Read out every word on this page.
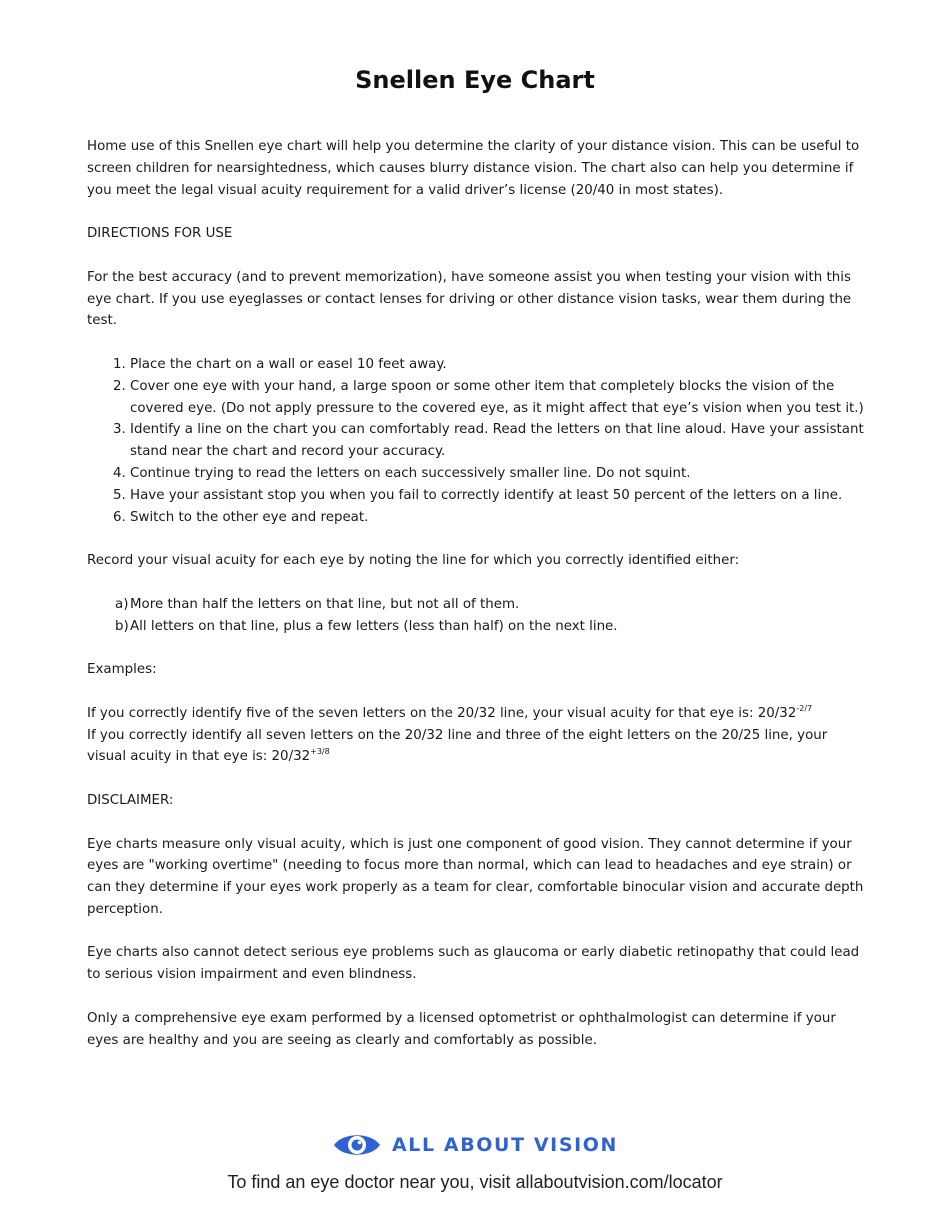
Snellen Eye Chart

Home use of this Snellen eye chart will help you determine the clarity of your distance vision. This can be useful to screen children for nearsightedness, which causes blurry distance vision. The chart also can help you determine if you meet the legal visual acuity requirement for a valid driver’s license (20/40 in most states).

DIRECTIONS FOR USE

For the best accuracy (and to prevent memorization), have someone assist you when testing your vision with this eye chart. If you use eyeglasses or contact lenses for driving or other distance vision tasks, wear them during the test.

1. Place the chart on a wall or easel 10 feet away.
2. Cover one eye with your hand, a large spoon or some other item that completely blocks the vision of the covered eye. (Do not apply pressure to the covered eye, as it might affect that eye’s vision when you test it.)
3. Identify a line on the chart you can comfortably read. Read the letters on that line aloud. Have your assistant stand near the chart and record your accuracy.
4. Continue trying to read the letters on each successively smaller line. Do not squint.
5. Have your assistant stop you when you fail to correctly identify at least 50 percent of the letters on a line.
6. Switch to the other eye and repeat.

Record your visual acuity for each eye by noting the line for which you correctly identified either:

a) More than half the letters on that line, but not all of them.
b) All letters on that line, plus a few letters (less than half) on the next line.

Examples:

If you correctly identify five of the seven letters on the 20/32 line, your visual acuity for that eye is: $20/32^{-2/7}$

If you correctly identify all seven letters on the 20/32 line and three of the eight letters on the 20/25 line, your visual acuity in that eye is: $20/32^{+3/8}$

DISCLAIMER:

Eye charts measure only visual acuity, which is just one component of good vision. They cannot determine if your eyes are "working overtime" (needing to focus more than normal, which can lead to headaches and eye strain) or can they determine if your eyes work properly as a team for clear, comfortable binocular vision and accurate depth perception.

Eye charts also cannot detect serious eye problems such as glaucoma or early diabetic retinopathy that could lead to serious vision impairment and even blindness.

Only a comprehensive eye exam performed by a licensed optometrist or ophthalmologist can determine if your eyes are healthy and you are seeing as clearly and comfortably as possible.

ALL ABOUT VISION
To find an eye doctor near you, visit allaboutvision.com/locator
